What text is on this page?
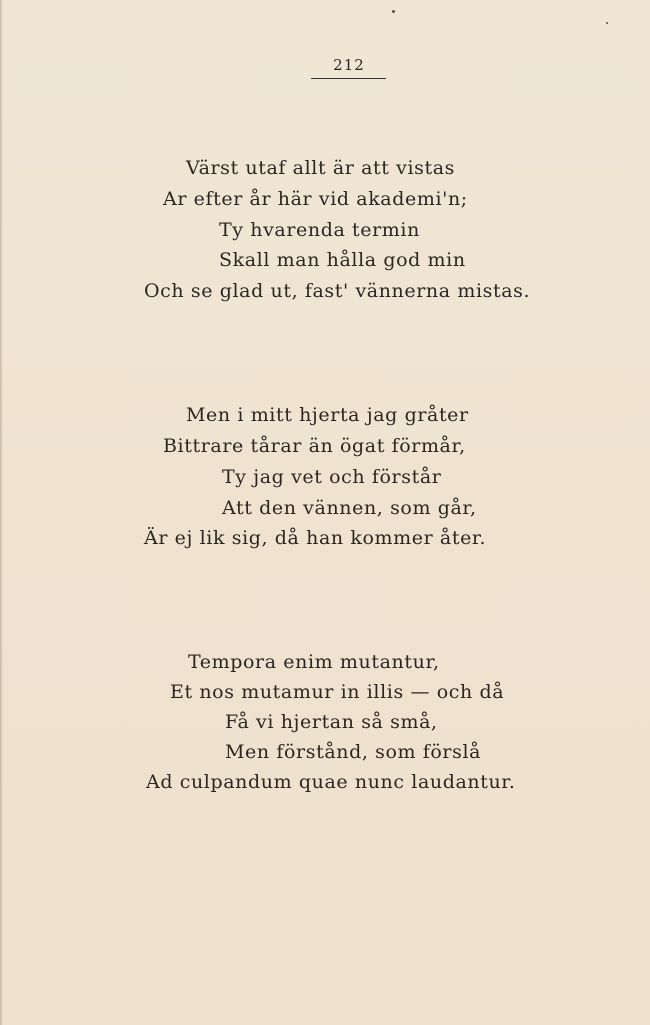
212
Värst utaf allt är att vistas
Ar efter år här vid akademi'n;
Ty hvarenda termin
Skall man hålla god min
Och se glad ut, fast' vännerna mistas.
Men i mitt hjerta jag gråter
Bittrare tårar än ögat förmår,
Ty jag vet och förstår
Att den vännen, som går,
Är ej lik sig, då han kommer åter.
Tempora enim mutantur,
Et nos mutamur in illis — och då
Få vi hjertan så små,
Men förstånd, som förslå
Ad culpandum quae nunc laudantur.
